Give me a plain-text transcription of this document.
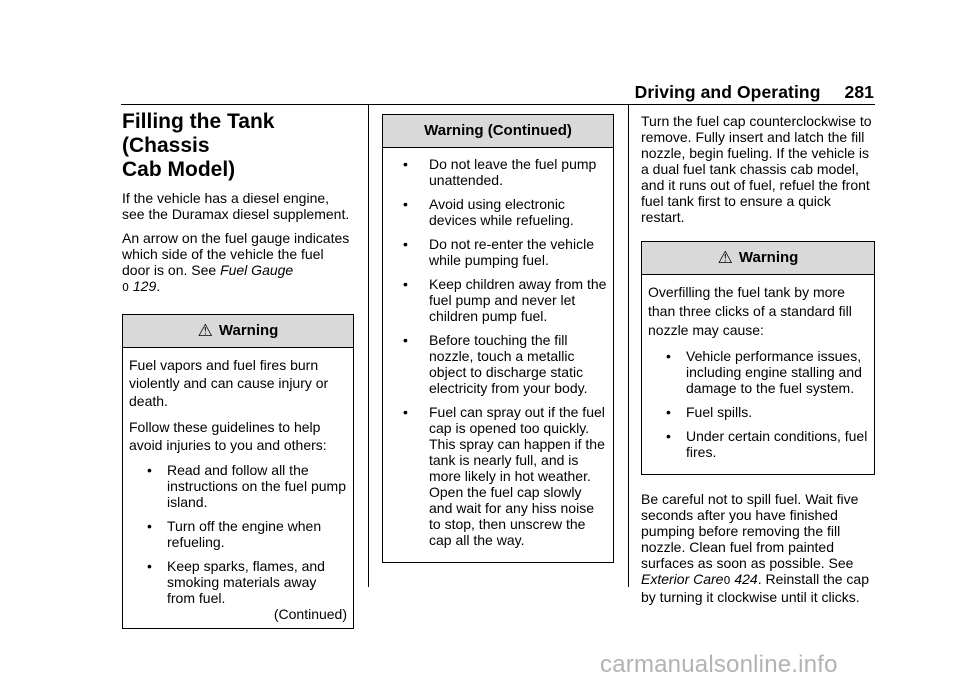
Driving and Operating 281
Filling the Tank (Chassis
Cab Model)

If the vehicle has a diesel engine, see the Duramax diesel supplement.

An arrow on the fuel gauge indicates which side of the vehicle the fuel door is on. See Fuel Gauge
0 129.

⚠ Warning

Fuel vapors and fuel fires burn violently and can cause injury or death.

Follow these guidelines to help avoid injuries to you and others:

• Read and follow all the instructions on the fuel pump island.
• Turn off the engine when refueling.
• Keep sparks, flames, and smoking materials away from fuel.
(Continued)
Warning (Continued)
• Do not leave the fuel pump unattended.
• Avoid using electronic devices while refueling.
• Do not re-enter the vehicle while pumping fuel.
• Keep children away from the fuel pump and never let children pump fuel.
• Before touching the fill nozzle, touch a metallic object to discharge static electricity from your body.
• Fuel can spray out if the fuel cap is opened too quickly. This spray can happen if the tank is nearly full, and is more likely in hot weather. Open the fuel cap slowly and wait for any hiss noise to stop, then unscrew the cap all the way.

Turn the fuel cap counterclockwise to remove. Fully insert and latch the fill nozzle, begin fueling. If the vehicle is a dual fuel tank chassis cab model, and it runs out of fuel, refuel the front fuel tank first to ensure a quick restart.

⚠ Warning

Overfilling the fuel tank by more than three clicks of a standard fill nozzle may cause:

• Vehicle performance issues, including engine stalling and damage to the fuel system.
• Fuel spills.
• Under certain conditions, fuel fires.

Be careful not to spill fuel. Wait five seconds after you have finished pumping before removing the fill nozzle. Clean fuel from painted surfaces as soon as possible. See Exterior Care0 424. Reinstall the cap by turning it clockwise until it clicks.

carmanualsonline.info
